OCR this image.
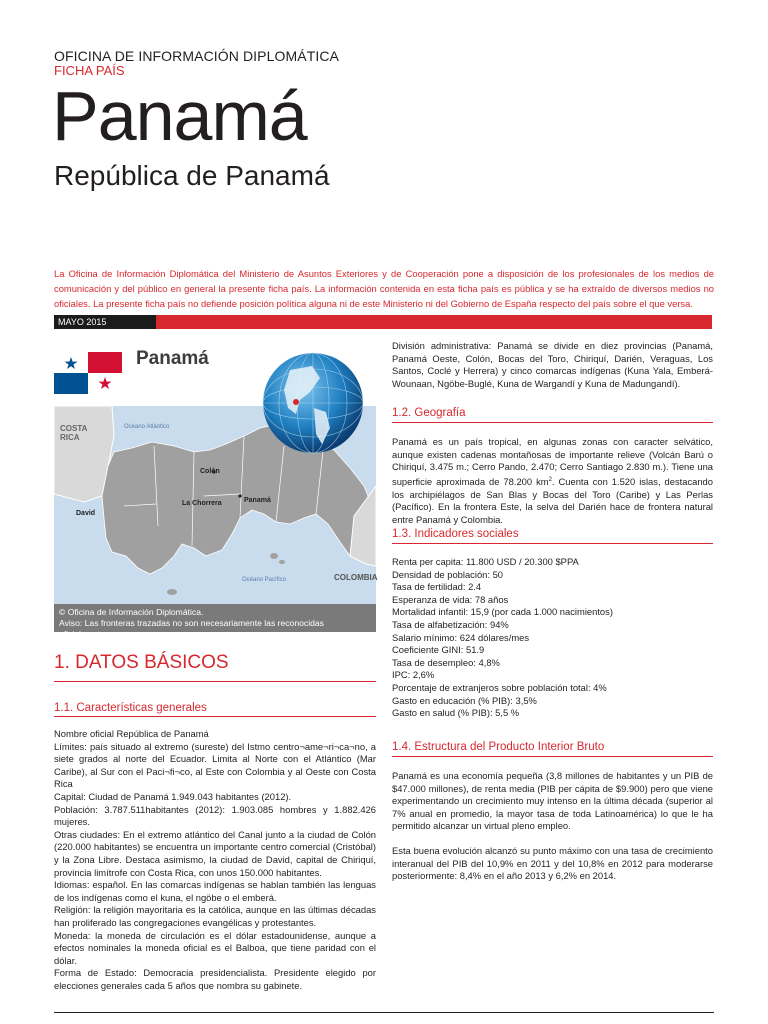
OFICINA DE INFORMACIÓN DIPLOMÁTICA
FICHA PAÍS
Panamá
República de Panamá
La Oficina de Información Diplomática del Ministerio de Asuntos Exteriores y de Cooperación pone a disposición de los profesionales de los medios de comunicación y del público en general la presente ficha país. La información contenida en esta ficha país es pública y se ha extraído de diversos medios no oficiales. La presente ficha país no defiende posición política alguna ni de este Ministerio ni del Gobierno de España respecto del país sobre el que versa.
MAYO 2015
Panamá
COSTA
RICA
Océano Atlántico
Colón
La Chorrera	Panamá
David
Océano Pacífico	COLOMBIA
© Oficina de Información Diplomática.
Aviso: Las fronteras trazadas no son necesariamente las reconocidas oficialmente.
1. DATOS BÁSICOS
1.1. Características generales

Nombre oficial República de Panamá

Límites: país situado al extremo (sureste) del Istmo centro¬ame¬ri¬ca¬no, a siete grados al norte del Ecuador. Limita al Norte con el Atlántico (Mar Caribe), al Sur con el Paci¬fi¬co, al Este con Colombia y al Oeste con Costa Rica

Capital: Ciudad de Panamá 1.949.043 habitantes (2012).

Población: 3.787.511habitantes (2012): 1.903.085 hombres y 1.882.426 mujeres.

Otras ciudades: En el extremo atlántico del Canal junto a la ciudad de Colón (220.000 habitantes) se encuentra un importante centro comercial (Cristóbal) y la Zona Libre. Destaca asimismo, la ciudad de David, capital de Chiriquí, provincia limítrofe con Costa Rica, con unos 150.000 habitantes.

Idiomas: español. En las comarcas indígenas se hablan también las lenguas de los indígenas como el kuna, el ngöbe o el emberá.

Religión: la religión mayoritaria es la católica, aunque en las últimas décadas han proliferado las congregaciones evangélicas y protestantes.

Moneda: la moneda de circulación es el dólar estadounidense, aunque a efectos nominales la moneda oficial es el Balboa, que tiene paridad con el dólar.

Forma de Estado: Democracia presidencialista. Presidente elegido por elecciones generales cada 5 años que nombra su gabinete.

División administrativa: Panamá se divide en diez provincias (Panamá, Panamá Oeste, Colón, Bocas del Toro, Chiriquí, Darién, Veraguas, Los Santos, Coclé y Herrera) y cinco comarcas indígenas (Kuna Yala, Emberá-Wounaan, Ngöbe-Buglé, Kuna de Wargandí y Kuna de Madungandí).
1.2. Geografía
Panamá es un país tropical, en algunas zonas con caracter selvático, aunque existen cadenas montañosas de importante relieve (Volcán Barú o Chiriquí, 3.475 m.; Cerro Pando, 2.470; Cerro Santiago 2.830 m.). Tiene una superficie aproximada de 78.200 $km^2$. Cuenta con 1.520 islas, destacando los archipiélagos de San Blas y Bocas del Toro (Caribe) y Las Perlas (Pacífico). En la frontera Este, la selva del Darién hace de frontera natural entre Panamá y Colombia.
1.3. Indicadores sociales
Renta per capita: 11.800 USD / 20.300 $PPA
Densidad de población: 50
Tasa de fertilidad: 2.4
Esperanza de vida: 78 años
Mortalidad infantil: 15,9 (por cada 1.000 nacimientos)
Tasa de alfabetización: 94%
Salario mínimo: 624 dólares/mes
Coeficiente GINI: 51.9
Tasa de desempleo: 4,8%
IPC: 2,6%
Porcentaje de extranjeros sobre población total: 4%
Gasto en educación (% PIB): 3,5%
Gasto en salud (% PIB): 5,5 %
1.4. Estructura del Producto Interior Bruto

Panamá es una economía pequeña (3,8 millones de habitantes y un PIB de $47.000 millones), de renta media (PIB per cápita de $9.900) pero que viene experimentando un crecimiento muy intenso en la última década (superior al 7% anual en promedio, la mayor tasa de toda Latinoamérica) lo que le ha permitido alcanzar un virtual pleno empleo.

Esta buena evolución alcanzó su punto máximo con una tasa de crecimiento interanual del PIB del 10,9% en 2011 y del 10,8% en 2012 para moderarse posteriormente: 8,4% en el año 2013 y 6,2% en 2014.
